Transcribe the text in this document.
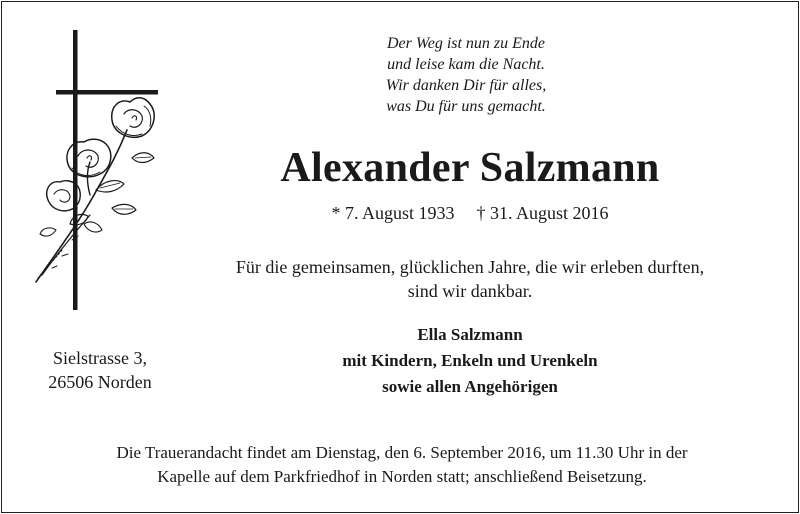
Der Weg ist nun zu Ende
und leise kam die Nacht.
Wir danken Dir für alles,
was Du für uns gemacht.
Alexander Salzmann
* 7. August 1933 † 31. August 2016
Für die gemeinsamen, glücklichen Jahre, die wir erleben durften,
sind wir dankbar.
Ella Salzmann
mit Kindern, Enkeln und Urenkeln
sowie allen Angehörigen
Sielstrasse 3,
26506 Norden
Die Trauerandacht findet am Dienstag, den 6. September 2016, um 11.30 Uhr in der
Kapelle auf dem Parkfriedhof in Norden statt; anschließend Beisetzung.
